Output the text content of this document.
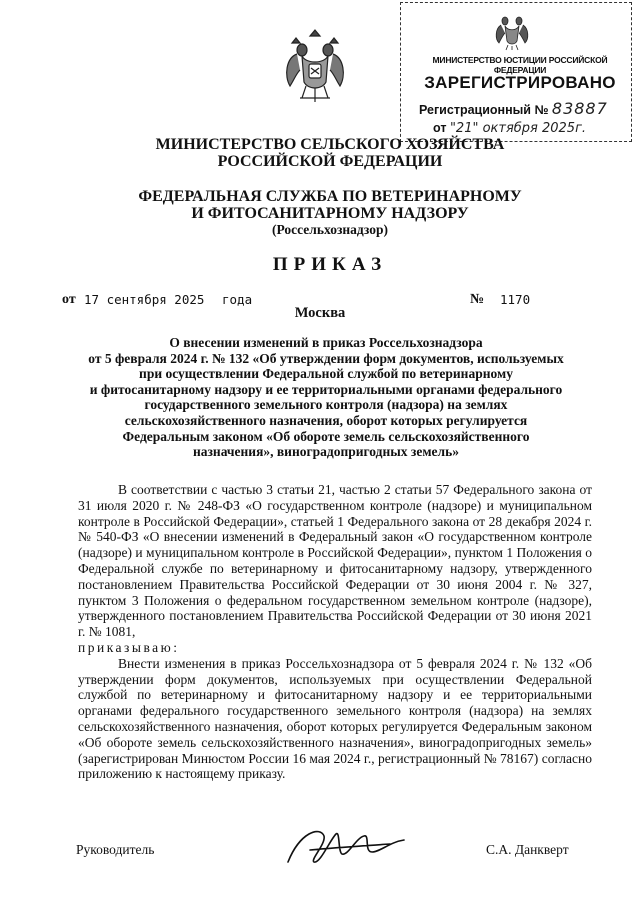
МИНИСТЕРСТВО ЮСТИЦИИ РОССИЙСКОЙ ФЕДЕРАЦИИ
ЗАРЕГИСТРИРОВАНО
Регистрационный № 83887
от "21" октября 2025г.
МИНИСТЕРСТВО СЕЛЬСКОГО ХОЗЯЙСТВА
РОССИЙСКОЙ ФЕДЕРАЦИИ
ФЕДЕРАЛЬНАЯ СЛУЖБА ПО ВЕТЕРИНАРНОМУ
И ФИТОСАНИТАРНОМУ НАДЗОРУ
(Россельхознадзор)
ПРИКАЗ
от 17 сентября 2025 года	№ 1170
Москва
О внесении изменений в приказ Россельхознадзора
от 5 февраля 2024 г. № 132 «Об утверждении форм документов, используемых
при осуществлении Федеральной службой по ветеринарному
и фитосанитарному надзору и ее территориальными органами федерального
государственного земельного контроля (надзора) на землях
сельскохозяйственного назначения, оборот которых регулируется
Федеральным законом «Об обороте земель сельскохозяйственного
назначения», виноградопригодных земель»

В соответствии с частью 3 статьи 21, частью 2 статьи 57 Федерального закона от 31 июля 2020 г. № 248-ФЗ «О государственном контроле (надзоре) и муниципальном контроле в Российской Федерации», статьей 1 Федерального закона от 28 декабря 2024 г. № 540-ФЗ «О внесении изменений в Федеральный закон «О государственном контроле (надзоре) и муниципальном контроле в Российской Федерации», пунктом 1 Положения о Федеральной службе по ветеринарному и фитосанитарному надзору, утвержденного постановлением Правительства Российской Федерации от 30 июня 2004 г. № 327, пунктом 3 Положения о федеральном государственном земельном контроле (надзоре), утвержденного постановлением Правительства Российской Федерации от 30 июня 2021 г. № 1081,

приказываю:

Внести изменения в приказ Россельхознадзора от 5 февраля 2024 г. № 132 «Об утверждении форм документов, используемых при осуществлении Федеральной службой по ветеринарному и фитосанитарному надзору и ее территориальными органами федерального государственного земельного контроля (надзора) на землях сельскохозяйственного назначения, оборот которых регулируется Федеральным законом «Об обороте земель сельскохозяйственного назначения», виноградопригодных земель» (зарегистрирован Минюстом России 16 мая 2024 г., регистрационный № 78167) согласно приложению к настоящему приказу.

Руководитель	С.А. Данкверт
